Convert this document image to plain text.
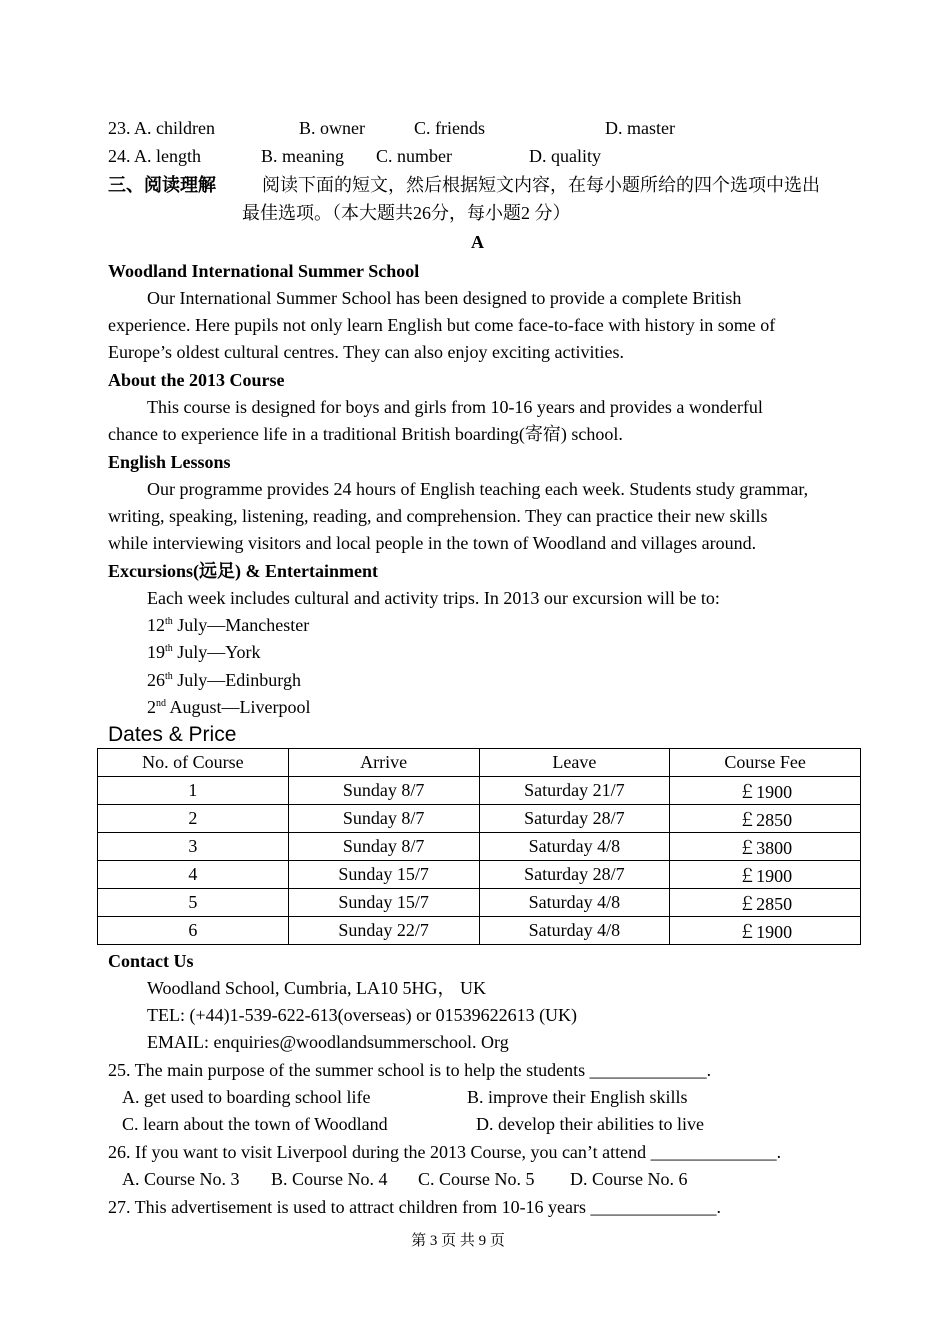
23. A. children	B. owner	C. friends	D. master
24. A. length	B. meaning C. number	D. quality
三、阅读理解	阅读下面的短文，然后根据短文内容，在每小题所给的四个选项中选出
最佳选项。（本大题共26分，每小题2 分）
A
Woodland International Summer School
Our International Summer School has been designed to provide a complete British
experience. Here pupils not only learn English but come face-to-face with history in some of
Europe’s oldest cultural centres. They can also enjoy exciting activities.
About the 2013 Course
This course is designed for boys and girls from 10-16 years and provides a wonderful
chance to experience life in a traditional British boarding(寄宿) school.
English Lessons
Our programme provides 24 hours of English teaching each week. Students study grammar,
writing, speaking, listening, reading, and comprehension. They can practice their new skills
while interviewing visitors and local people in the town of Woodland and villages around.
Excursions(远足) & Entertainment
Each week includes cultural and activity trips. In 2013 our excursion will be to:
12th July—Manchester
19th July—York
26th July—Edinburgh
2nd August—Liverpool
Dates & Price
No. of Course	Arrive	Leave	Course Fee
1	Sunday 8/7	Saturday 21/7	￡1900
2	Sunday 8/7	Saturday 28/7	￡2850
3	Sunday 8/7	Saturday 4/8	￡3800
4	Sunday 15/7	Saturday 28/7	￡1900
5	Sunday 15/7	Saturday 4/8	￡2850
6	Sunday 22/7	Saturday 4/8	￡1900
Contact Us
Woodland School, Cumbria, LA10 5HG， UK
TEL: (+44)1-539-622-613(overseas) or 01539622613 (UK)
EMAIL: enquiries@woodlandsummerschool. Org
25. The main purpose of the summer school is to help the students _____________.
A. get used to boarding school life	B. improve their English skills
C. learn about the town of Woodland	D. develop their abilities to live
26. If you want to visit Liverpool during the 2013 Course, you can’t attend ______________.
A. Course No. 3 B. Course No. 4 C. Course No. 5 D. Course No. 6
27. This advertisement is used to attract children from 10-16 years ______________.
第 3 页 共 9 页
